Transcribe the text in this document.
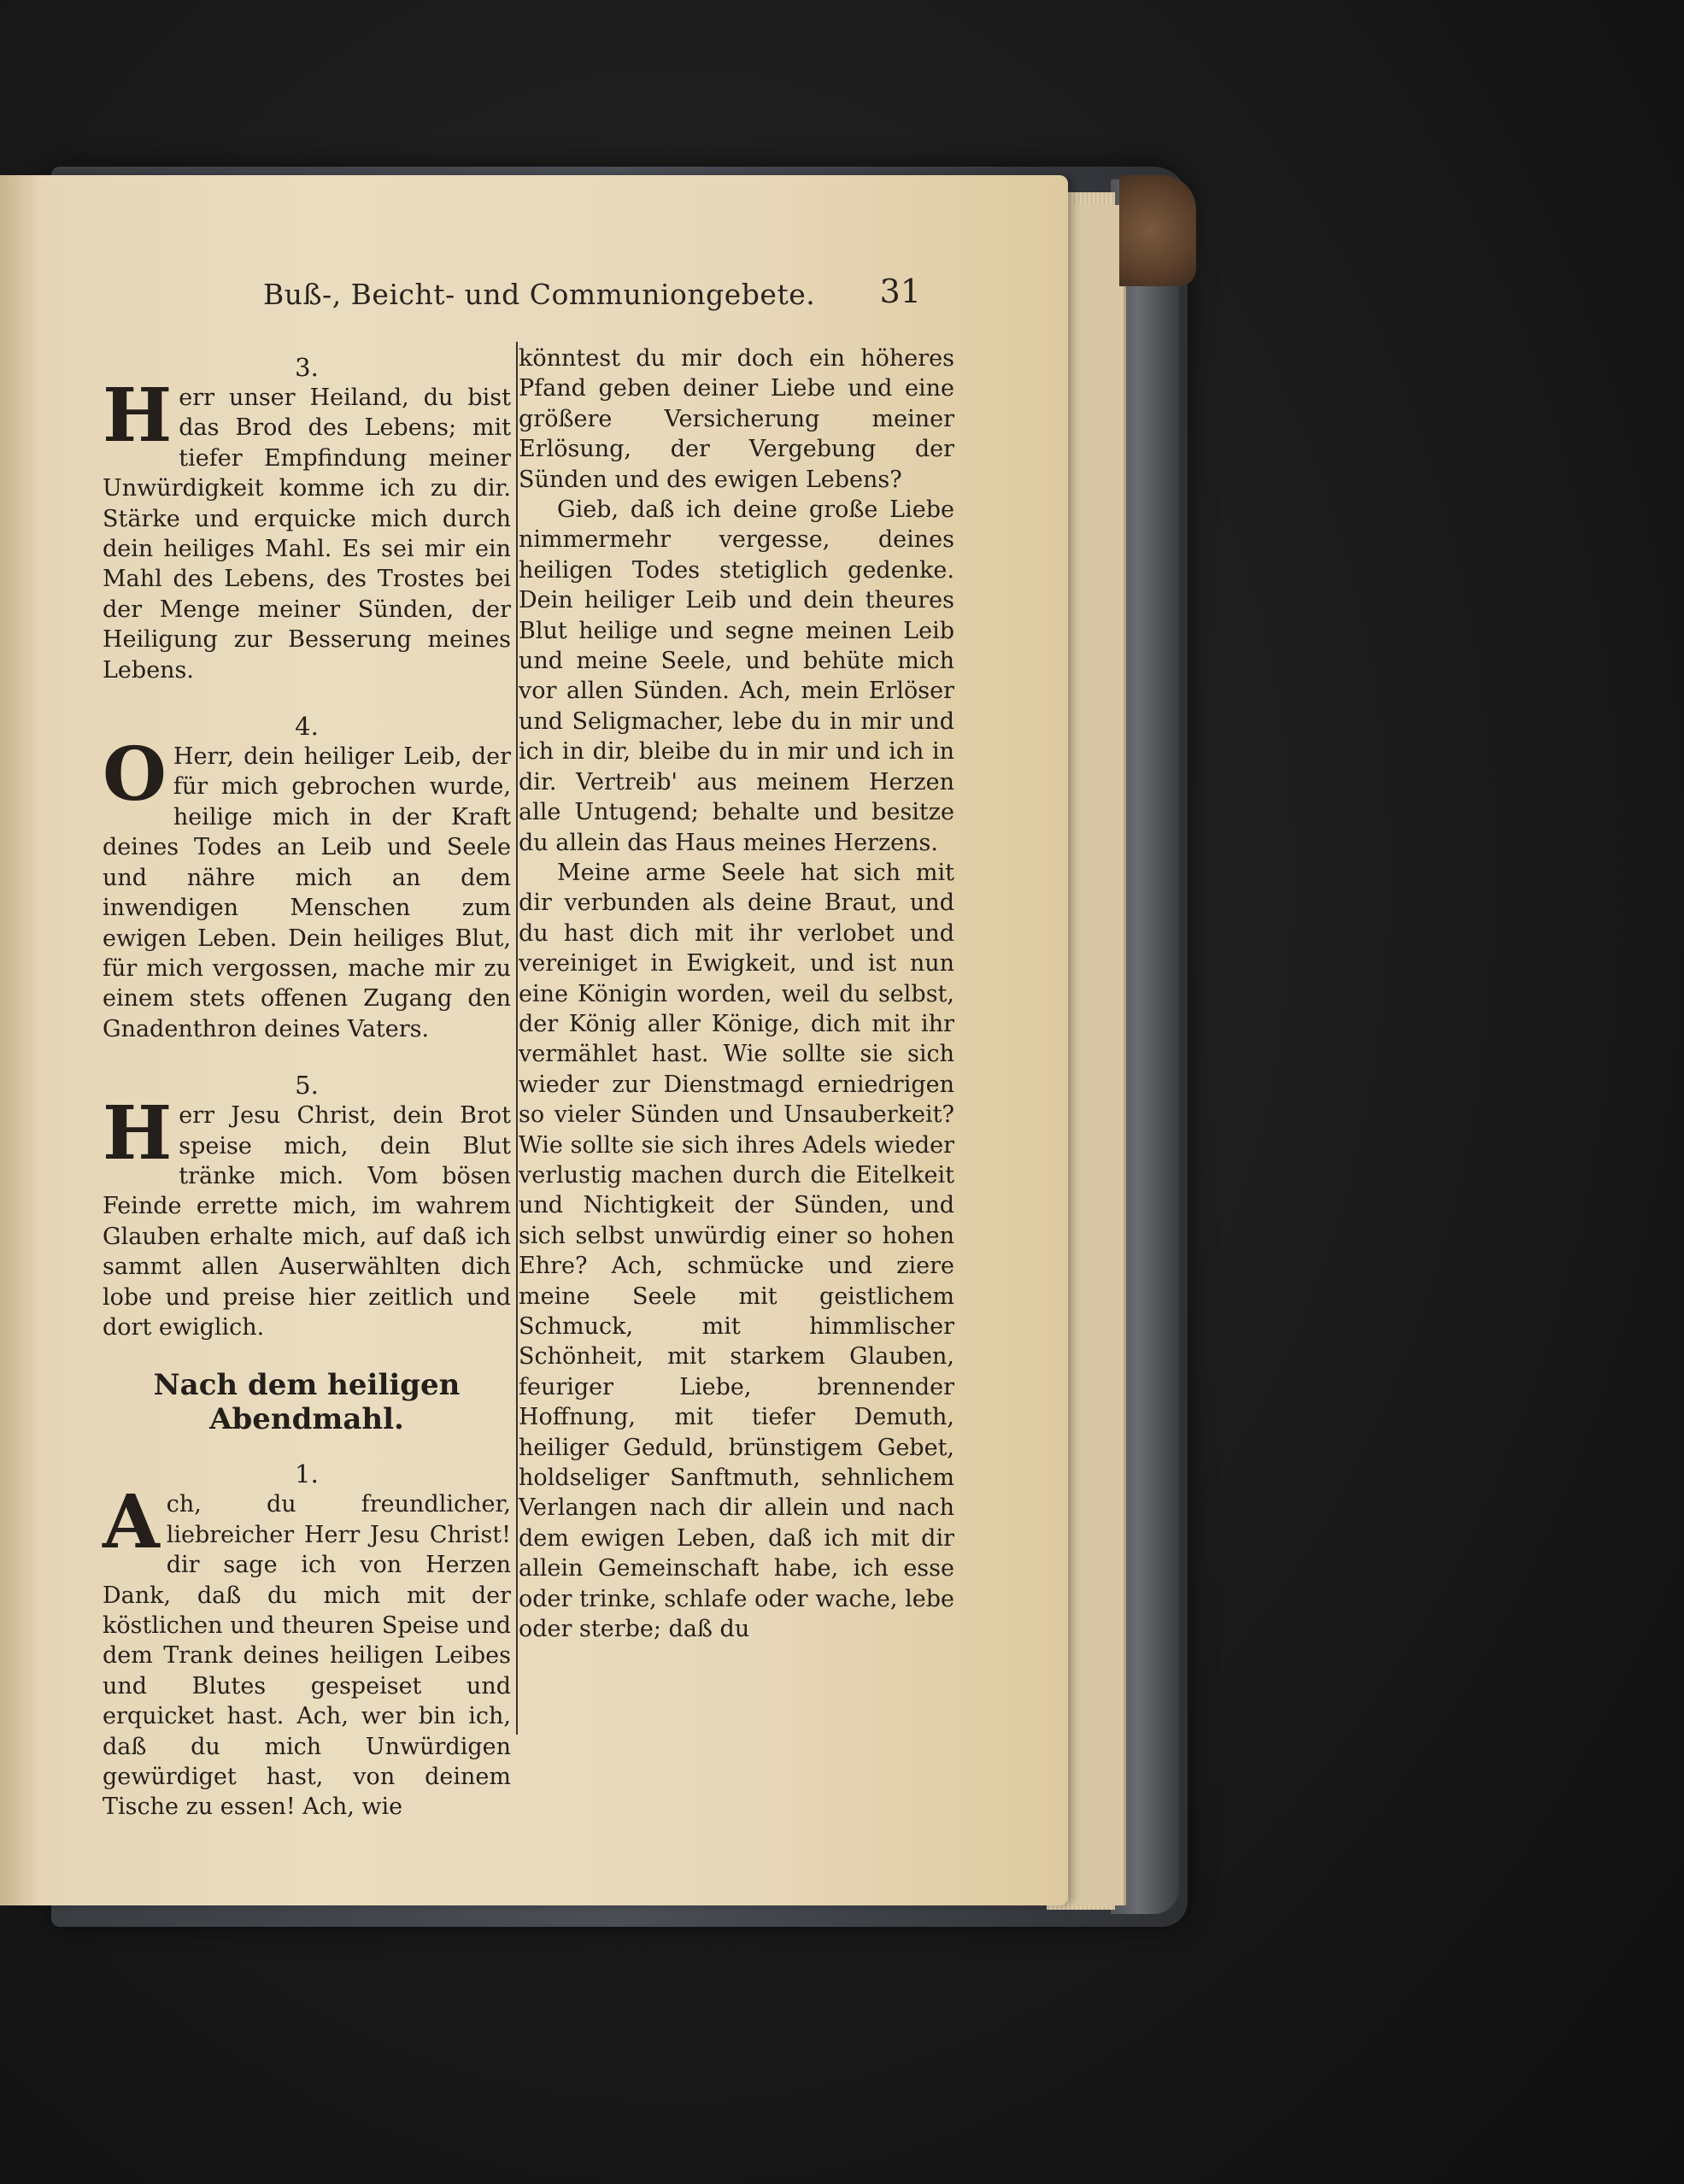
Buß-, Beicht- und Communiongebete. 31
3.

Herr unser Heiland, du bist das Brod des Lebens; mit tiefer Empfindung meiner Unwürdigkeit komme ich zu dir. Stärke und erquicke mich durch dein heiliges Mahl. Es sei mir ein Mahl des Lebens, des Trostes bei der Menge meiner Sünden, der Heiligung zur Besserung meines Lebens.

4.

O Herr, dein heiliger Leib, der für mich gebrochen wurde, heilige mich in der Kraft deines Todes an Leib und Seele und nähre mich an dem inwendigen Menschen zum ewigen Leben. Dein heiliges Blut, für mich vergossen, mache mir zu einem stets offenen Zugang den Gnadenthron deines Vaters.

5.

Herr Jesu Christ, dein Brot speise mich, dein Blut tränke mich. Vom bösen Feinde errette mich, im wahrem Glauben erhalte mich, auf daß ich sammt allen Auserwählten dich lobe und preise hier zeitlich und dort ewiglich.

Nach dem heiligen Abendmahl.
1.

Ach, du freundlicher, liebreicher Herr Jesu Christ! dir sage ich von Herzen Dank, daß du mich mit der köstlichen und theuren Speise und dem Trank deines heiligen Leibes und Blutes gespeiset und erquicket hast. Ach, wer bin ich, daß du mich Unwürdigen gewürdiget hast, von deinem Tische zu essen! Ach, wie

könntest du mir doch ein höheres Pfand geben deiner Liebe und eine größere Versicherung meiner Erlösung, der Vergebung der Sünden und des ewigen Lebens?

Gieb, daß ich deine große Liebe nimmermehr vergesse, deines heiligen Todes stetiglich gedenke. Dein heiliger Leib und dein theures Blut heilige und segne meinen Leib und meine Seele, und behüte mich vor allen Sünden. Ach, mein Erlöser und Seligmacher, lebe du in mir und ich in dir, bleibe du in mir und ich in dir. Vertreib' aus meinem Herzen alle Untugend; behalte und besitze du allein das Haus meines Herzens.

Meine arme Seele hat sich mit dir verbunden als deine Braut, und du hast dich mit ihr verlobet und vereiniget in Ewigkeit, und ist nun eine Königin worden, weil du selbst, der König aller Könige, dich mit ihr vermählet hast. Wie sollte sie sich wieder zur Dienstmagd erniedrigen so vieler Sünden und Unsauberkeit? Wie sollte sie sich ihres Adels wieder verlustig machen durch die Eitelkeit und Nichtigkeit der Sünden, und sich selbst unwürdig einer so hohen Ehre? Ach, schmücke und ziere meine Seele mit geistlichem Schmuck, mit himmlischer Schönheit, mit starkem Glauben, feuriger Liebe, brennender Hoffnung, mit tiefer Demuth, heiliger Geduld, brünstigem Gebet, holdseliger Sanftmuth, sehnlichem Verlangen nach dir allein und nach dem ewigen Leben, daß ich mit dir allein Gemeinschaft habe, ich esse oder trinke, schlafe oder wache, lebe oder sterbe; daß du
